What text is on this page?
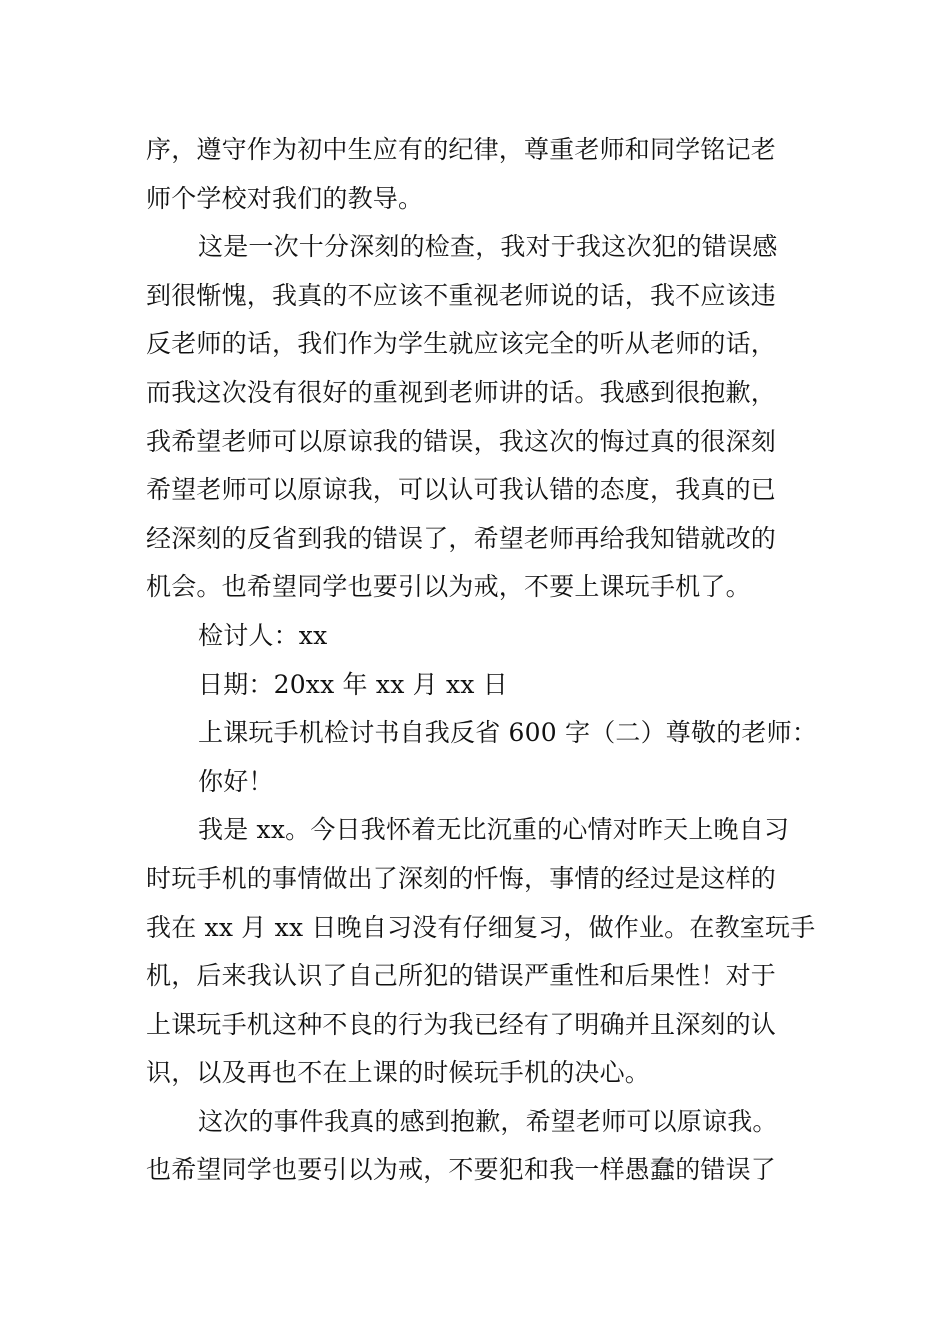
序，遵守作为初中生应有的纪律，尊重老师和同学铭记老
师个学校对我们的教导。
这是一次十分深刻的检查，我对于我这次犯的错误感
到很惭愧，我真的不应该不重视老师说的话，我不应该违
反老师的话，我们作为学生就应该完全的听从老师的话，
而我这次没有很好的重视到老师讲的话。我感到很抱歉，
我希望老师可以原谅我的错误，我这次的悔过真的很深刻
希望老师可以原谅我，可以认可我认错的态度，我真的已
经深刻的反省到我的错误了，希望老师再给我知错就改的
机会。也希望同学也要引以为戒，不要上课玩手机了。
检讨人：xx
日期：20xx 年 xx 月 xx 日
上课玩手机检讨书自我反省 600 字（二）尊敬的老师：
你好！
我是 xx。今日我怀着无比沉重的心情对昨天上晚自习
时玩手机的事情做出了深刻的忏悔，事情的经过是这样的
我在 xx 月 xx 日晚自习没有仔细复习，做作业。在教室玩手
机，后来我认识了自己所犯的错误严重性和后果性！对于
上课玩手机这种不良的行为我已经有了明确并且深刻的认
识，以及再也不在上课的时候玩手机的决心。
这次的事件我真的感到抱歉，希望老师可以原谅我。
也希望同学也要引以为戒，不要犯和我一样愚蠢的错误了
